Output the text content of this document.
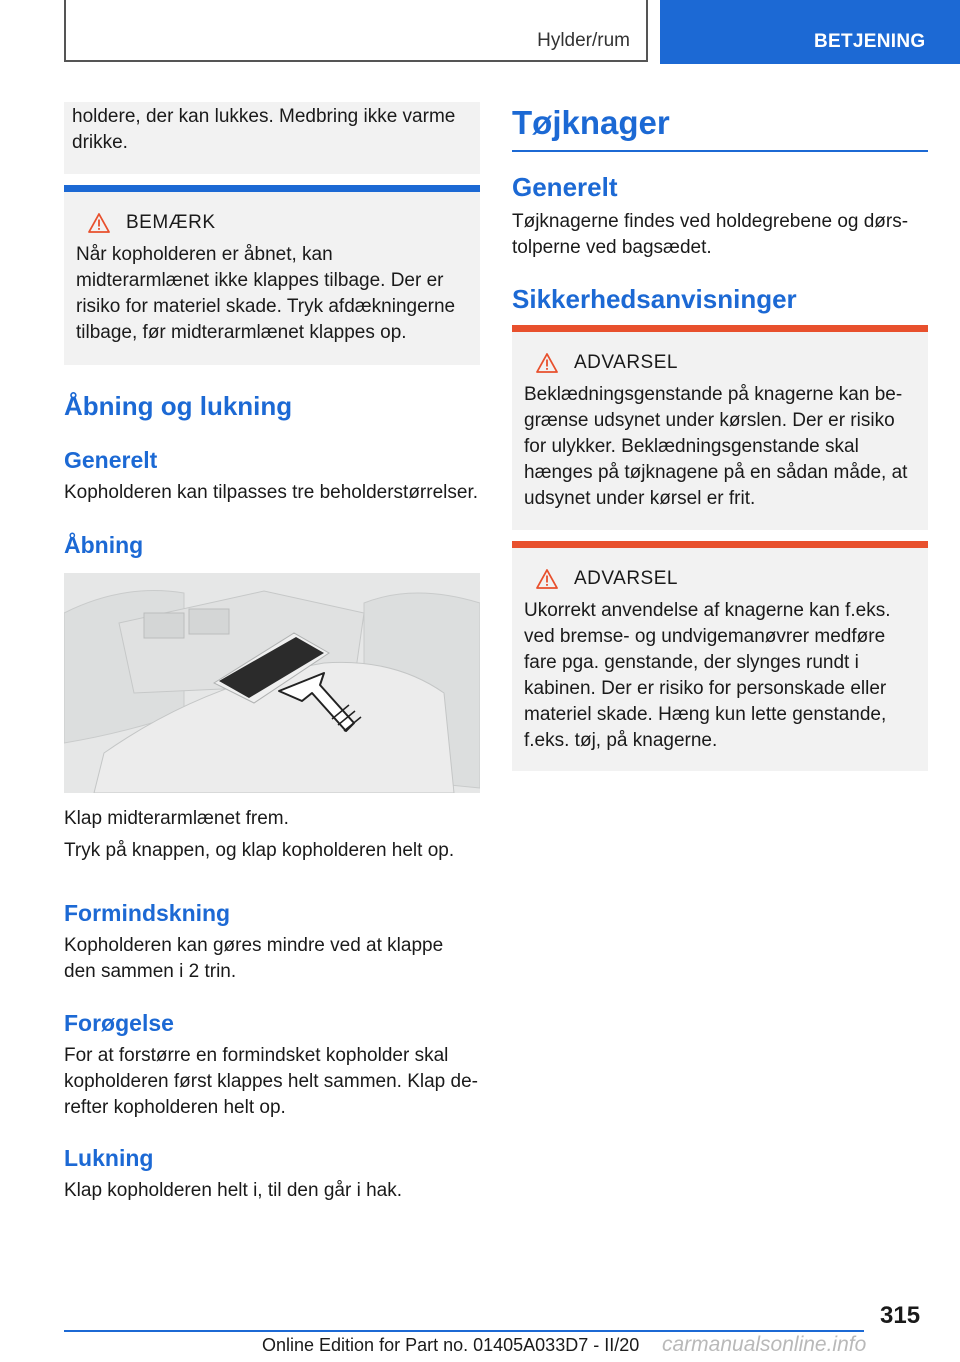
Hylder/rum	BETJENING

holdere, der kan lukkes. Medbring ikke varme drikke.

BEMÆRK

Når kopholderen er åbnet, kan midterarmlænet ikke klappes tilbage. Der er risiko for materiel skade. Tryk afdækningerne tilbage, før midterarmlænet klappes op.

Åbning og lukning
Generelt

Kopholderen kan tilpasses tre beholderstørrelser.

Åbning

Klap midterarmlænet frem.

Tryk på knappen, og klap kopholderen helt op.

Formindskning

Kopholderen kan gøres mindre ved at klappe den sammen i 2 trin.

Forøgelse

For at forstørre en formindsket kopholder skal kopholderen først klappes helt sammen. Klap derefter kopholderen helt op.

Lukning

Klap kopholderen helt i, til den går i hak.

Tøjknager
Generelt

Tøjknagerne findes ved holdegrebene og dørstolperne ved bagsædet.

Sikkerhedsanvisninger
ADVARSEL

Beklædningsgenstande på knagerne kan begrænse udsynet under kørslen. Der er risiko for ulykker. Beklædningsgenstande skal hænges på tøjknagene på en sådan måde, at udsynet under kørsel er frit.

ADVARSEL

Ukorrekt anvendelse af knagerne kan f.eks. ved bremse- og undvigemanøvrer medføre fare pga. genstande, der slynges rundt i kabinen. Der er risiko for personskade eller materiel skade. Hæng kun lette genstande, f.eks. tøj, på knagerne.

315
Online Edition for Part no. 01405A033D7 - II/20 carmanualsonline.info
